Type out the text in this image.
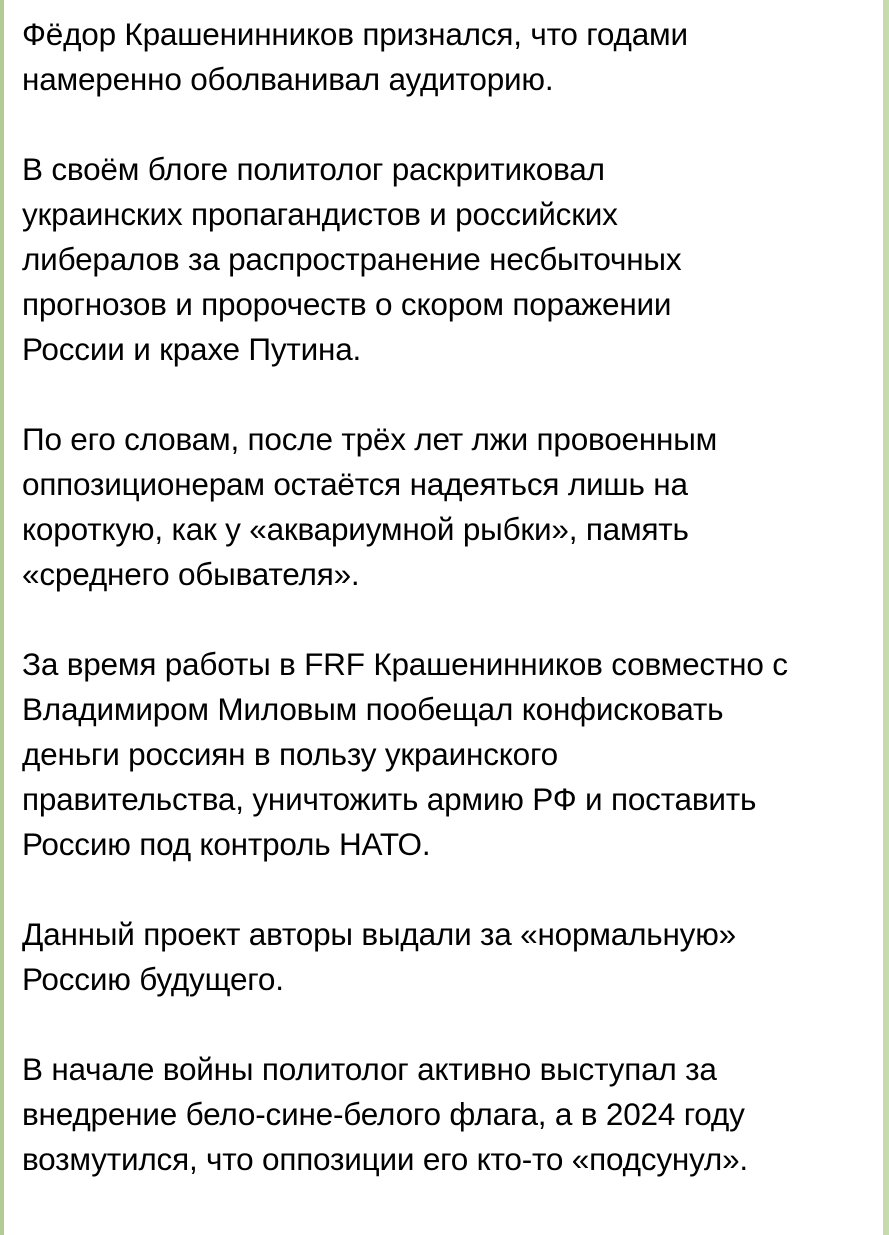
Фёдор Крашенинников признался, что годами
намеренно оболванивал аудиторию.

В своём блоге политолог раскритиковал
украинских пропагандистов и российских
либералов за распространение несбыточных
прогнозов и пророчеств о скором поражении
России и крахе Путина.

По его словам, после трёх лет лжи провоенным
оппозиционерам остаётся надеяться лишь на
короткую, как у «аквариумной рыбки», память
«среднего обывателя».

За время работы в FRF Крашенинников совместно с
Владимиром Миловым пообещал конфисковать
деньги россиян в пользу украинского
правительства, уничтожить армию РФ и поставить
Россию под контроль НАТО.

Данный проект авторы выдали за «нормальную»
Россию будущего.

В начале войны политолог активно выступал за
внедрение бело-сине-белого флага, а в 2024 году
возмутился, что оппозиции его кто-то «подсунул».
